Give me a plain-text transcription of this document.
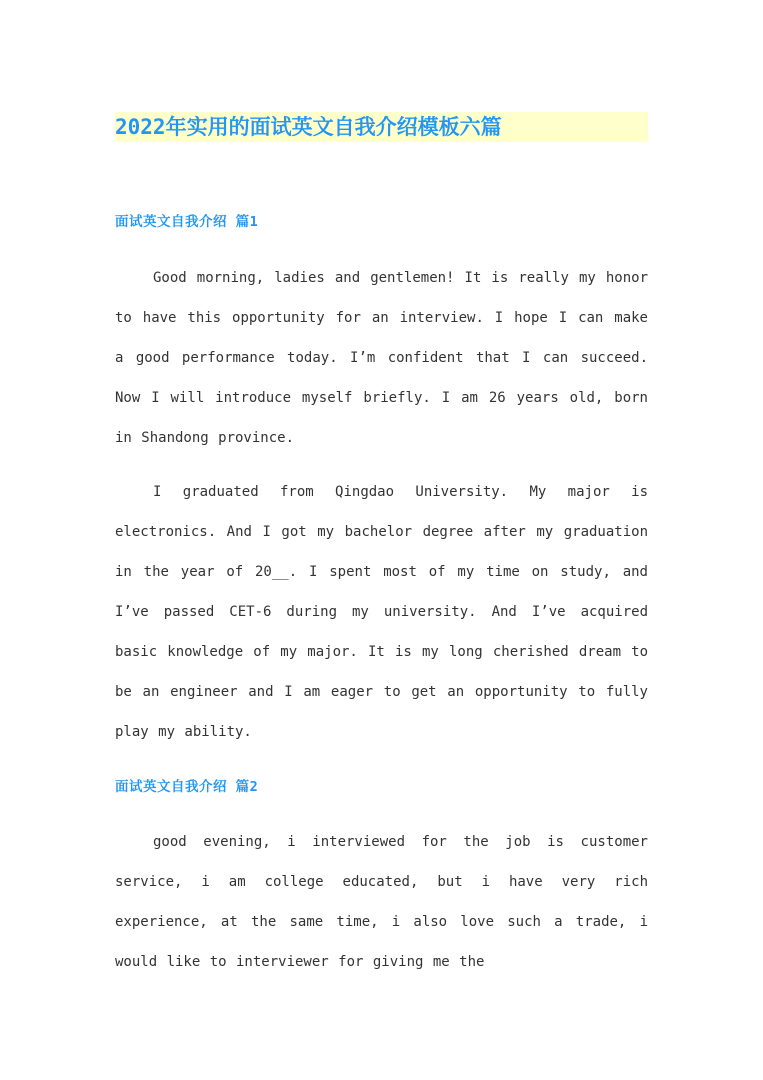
2022年实用的面试英文自我介绍模板六篇
面试英文自我介绍 篇1
Good morning, ladies and gentlemen! It is really my honor to have this opportunity for an interview. I hope I can make a good performance today. I’m confident that I can succeed. Now I will introduce myself briefly. I am 26 years old, born in Shandong province.
I graduated from Qingdao University. My major is electronics. And I got my bachelor degree after my graduation in the year of 20__. I spent most of my time on study, and I’ve passed CET-6 during my university. And I’ve acquired basic knowledge of my major. It is my long cherished dream to be an engineer and I am eager to get an opportunity to fully play my ability.
面试英文自我介绍 篇2
good evening, i interviewed for the job is customer service, i am college educated, but i have very rich experience, at the same time, i also love such a trade, i would like to interviewer for giving me the
